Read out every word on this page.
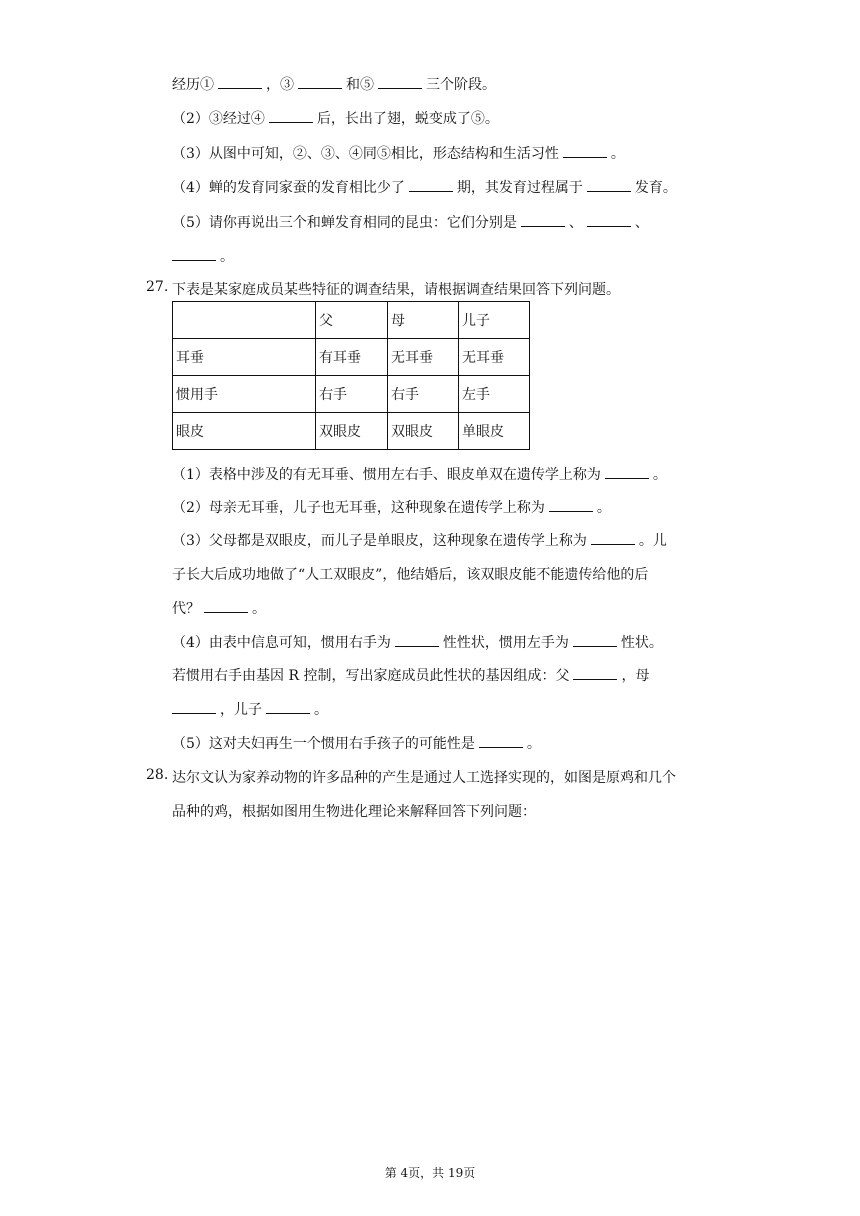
经历①	，③	和⑤	三个阶段。
（2）③经过④	后，长出了翅，蜕变成了⑤。
（3）从图中可知，②、③、④同⑤相比，形态结构和生活习性	。
（4）蝉的发育同家蚕的发育相比少了	期，其发育过程属于	发育。
（5）请你再说出三个和蝉发育相同的昆虫：它们分别是	、	、
。
27. 下表是某家庭成员某些特征的调查结果，请根据调查结果回答下列问题。
	父	母	儿子
耳垂	有耳垂	无耳垂	无耳垂
惯用手	右手	右手	左手
眼皮	双眼皮	双眼皮	单眼皮
（1）表格中涉及的有无耳垂、惯用左右手、眼皮单双在遗传学上称为	。
（2）母亲无耳垂，儿子也无耳垂，这种现象在遗传学上称为	。
（3）父母都是双眼皮，而儿子是单眼皮，这种现象在遗传学上称为	。儿
子长大后成功地做了“人工双眼皮”，他结婚后，该双眼皮能不能遗传给他的后
代？	。
（4）由表中信息可知，惯用右手为	性性状，惯用左手为	性状。
若惯用右手由基因 R 控制，写出家庭成员此性状的基因组成：父	，母
，儿子	。
（5）这对夫妇再生一个惯用右手孩子的可能性是	。
28. 达尔文认为家养动物的许多品种的产生是通过人工选择实现的，如图是原鸡和几个
品种的鸡，根据如图用生物进化理论来解释回答下列问题：
第 4页，共 19页
